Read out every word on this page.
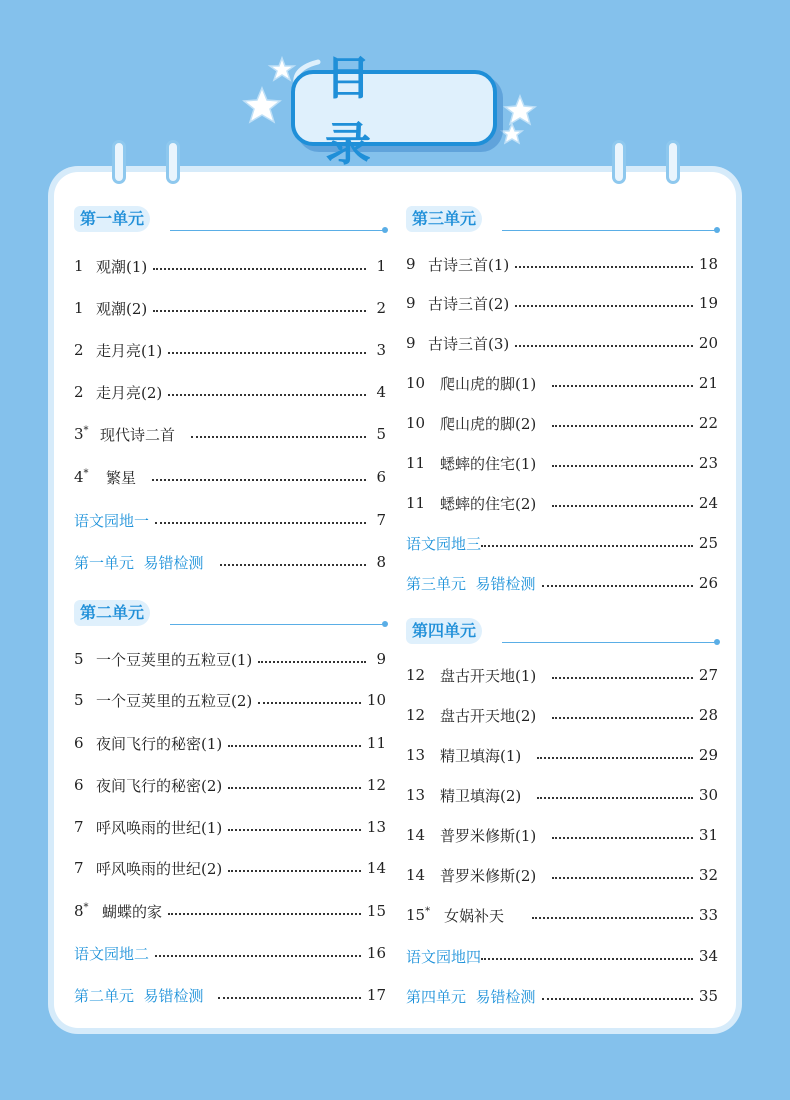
目 录
第一单元
1 观潮(1)	1
1 观潮(2)	2
2 走月亮(1)	3
2 走月亮(2)	4
3* 现代诗二首	5
4*	繁星	6
语文园地一	7
第一单元  易错检测	8
第二单元
5 一个豆荚里的五粒豆(1)	9
5 一个豆荚里的五粒豆(2)	10
6 夜间飞行的秘密(1)	11
6 夜间飞行的秘密(2)	12
7 呼风唤雨的世纪(1)	13
7 呼风唤雨的世纪(2)	14
8* 蝴蝶的家	15
语文园地二	16
第二单元  易错检测	17
第三单元
9 古诗三首(1)	18
9 古诗三首(2)	19
9 古诗三首(3)	20
10 爬山虎的脚(1)	21
10 爬山虎的脚(2)	22
11 蟋蟀的住宅(1)	23
11 蟋蟀的住宅(2)	24
语文园地三	25
第三单元  易错检测	26
第四单元
12 盘古开天地(1)	27
12 盘古开天地(2)	28
13 精卫填海(1)	29
13 精卫填海(2)	30
14 普罗米修斯(1)	31
14 普罗米修斯(2)	32
15* 女娲补天	33
语文园地四	34
第四单元  易错检测	35
